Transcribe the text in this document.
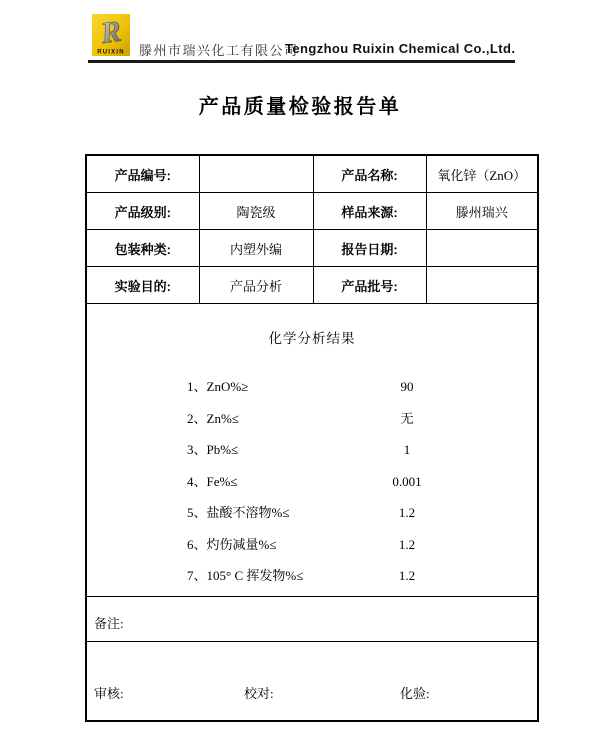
R
RUIXIN 滕州市瑞兴化工有限公司
Tengzhou Ruixin Chemical Co.,Ltd.
产品质量检验报告单
产品编号:		产品名称:	氧化锌（ZnO）
产品级别:	陶瓷级	样品来源:	滕州瑞兴
包装种类:	内塑外编	报告日期:	
实验目的:	产品分析	产品批号:	

化学分析结果
1、ZnO%≥	90
2、Zn%≤	无
3、Pb%≤	1
4、Fe%≤	0.001
5、盐酸不溶物%≤	1.2
6、灼伤减量%≤	1.2
7、105° C 挥发物%≤	1.2

备注:			

审核: 校对: 化验:			
